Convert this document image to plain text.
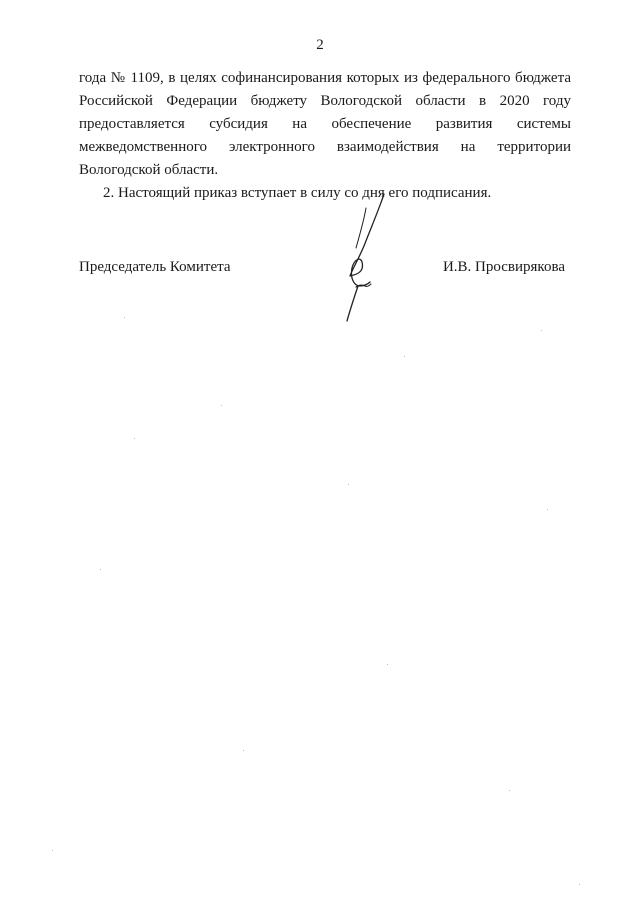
2
года № 1109, в целях софинансирования которых из федерального бюджета
Российской Федерации бюджету Вологодской области в 2020 году
предоставляется субсидия на обеспечение развития системы
межведомственного электронного взаимодействия на территории
Вологодской области.
2. Настоящий приказ вступает в силу со дня его подписания.
Председатель Комитета	И.В. Просвирякова
